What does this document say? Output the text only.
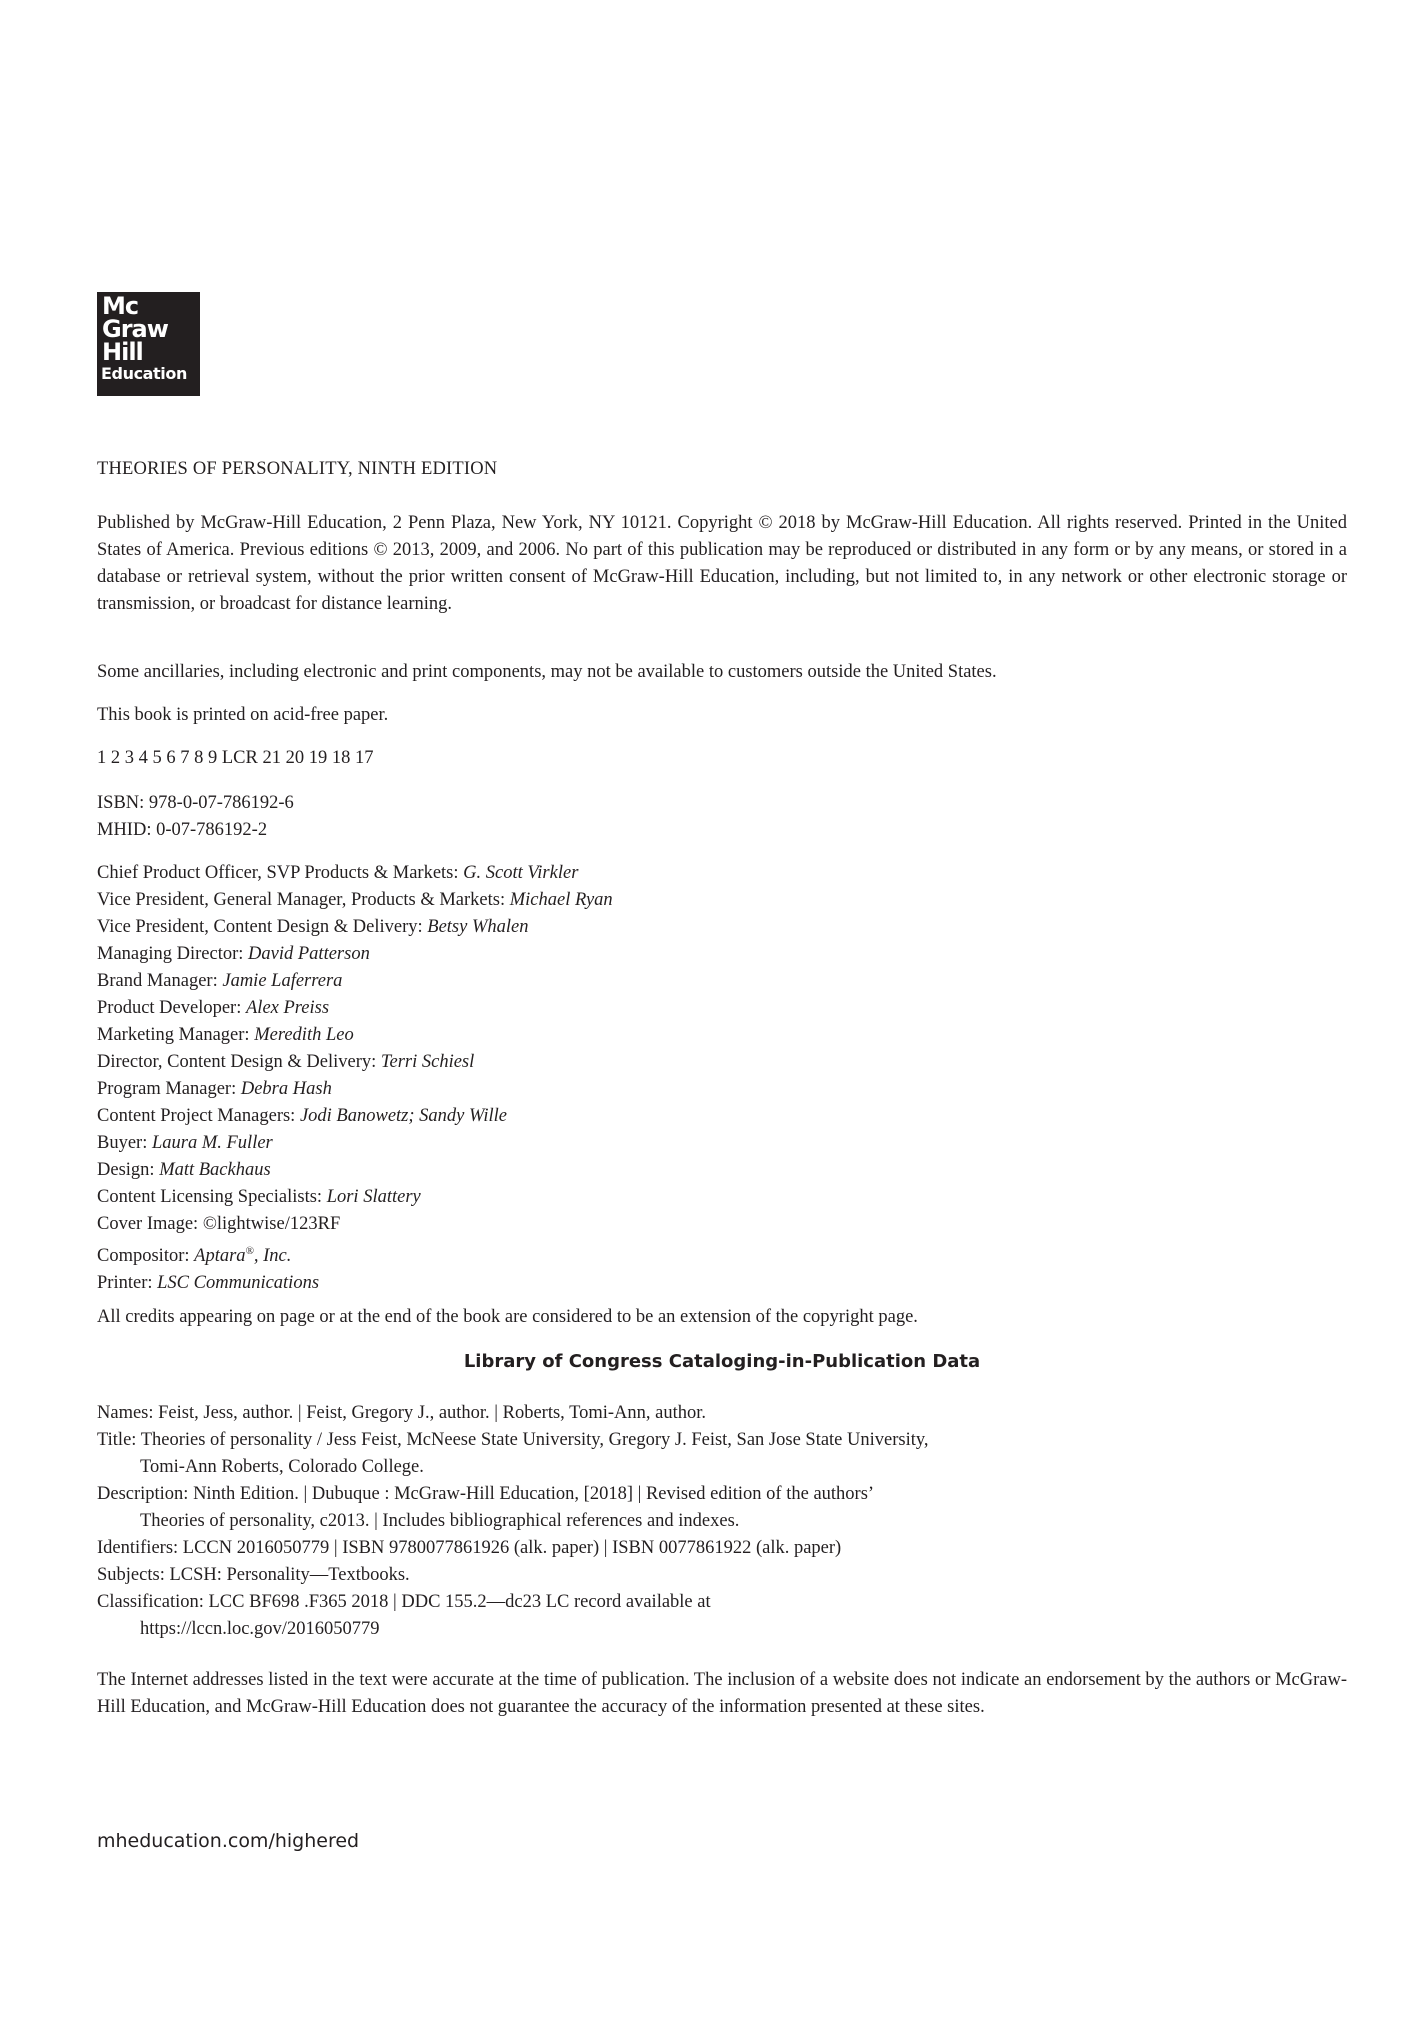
Mc
Graw
Hill
Education
THEORIES OF PERSONALITY, NINTH EDITION

Published by McGraw-Hill Education, 2 Penn Plaza, New York, NY 10121. Copyright © 2018 by McGraw-Hill Education. All rights reserved. Printed in the United States of America. Previous editions © 2013, 2009, and 2006. No part of this publication may be reproduced or distributed in any form or by any means, or stored in a database or retrieval system, without the prior written consent of McGraw-Hill Education, including, but not limited to, in any network or other electronic storage or transmission, or broadcast for distance learning.

Some ancillaries, including electronic and print components, may not be available to customers outside the United States.
This book is printed on acid-free paper.
1 2 3 4 5 6 7 8 9 LCR 21 20 19 18 17
ISBN: 978-0-07-786192-6
MHID: 0-07-786192-2
Chief Product Officer, SVP Products & Markets: G. Scott Virkler
Vice President, General Manager, Products & Markets: Michael Ryan
Vice President, Content Design & Delivery: Betsy Whalen
Managing Director: David Patterson
Brand Manager: Jamie Laferrera
Product Developer: Alex Preiss
Marketing Manager: Meredith Leo
Director, Content Design & Delivery: Terri Schiesl
Program Manager: Debra Hash
Content Project Managers: Jodi Banowetz; Sandy Wille
Buyer: Laura M. Fuller
Design: Matt Backhaus
Content Licensing Specialists: Lori Slattery
Cover Image: ©lightwise/123RF
Compositor: Aptara®, Inc.
Printer: LSC Communications
All credits appearing on page or at the end of the book are considered to be an extension of the copyright page.
Library of Congress Cataloging-in-Publication Data
Names: Feist, Jess, author. | Feist, Gregory J., author. | Roberts, Tomi-Ann, author.
Title: Theories of personality / Jess Feist, McNeese State University, Gregory J. Feist, San Jose State University,
Tomi-Ann Roberts, Colorado College.
Description: Ninth Edition. | Dubuque : McGraw-Hill Education, [2018] | Revised edition of the authors’
Theories of personality, c2013. | Includes bibliographical references and indexes.
Identifiers: LCCN 2016050779 | ISBN 9780077861926 (alk. paper) | ISBN 0077861922 (alk. paper)
Subjects: LCSH: Personality—Textbooks.
Classification: LCC BF698 .F365 2018 | DDC 155.2—dc23 LC record available at
https://lccn.loc.gov/2016050779

The Internet addresses listed in the text were accurate at the time of publication. The inclusion of a website does not indicate an endorsement by the authors or McGraw-Hill Education, and McGraw-Hill Education does not guarantee the accuracy of the information presented at these sites.

mheducation.com/highered
